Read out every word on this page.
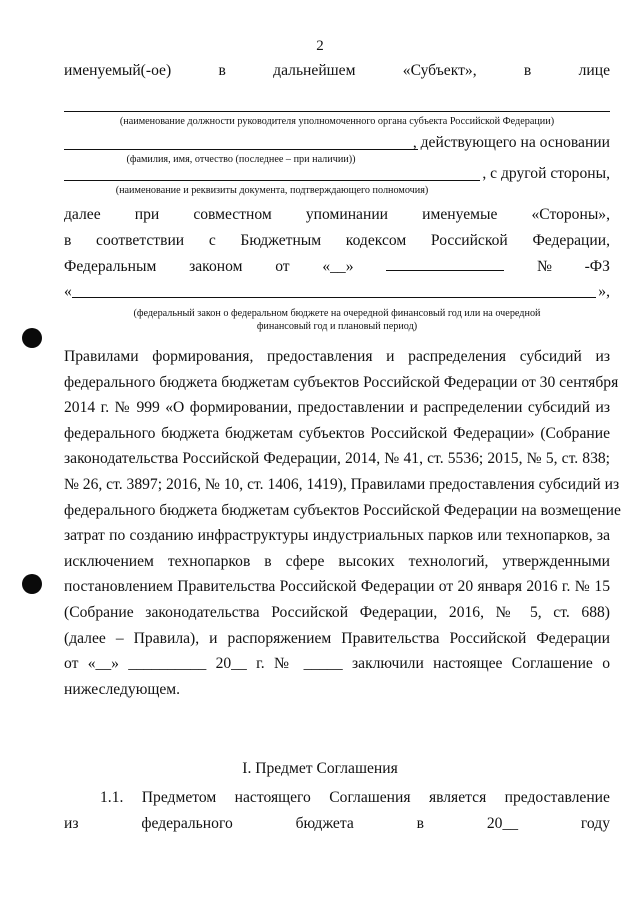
2
именуемый(-ое)	в	дальнейшем	«Субъект»,	в	лице
(наименование должности руководителя уполномоченного органа субъекта Российской Федерации)
, действующего на основании
(фамилия, имя, отчество (последнее – при наличии))
, с другой стороны,
(наименование и реквизиты документа, подтверждающего полномочия)
далее при совместном упоминании именуемые «Стороны»,
в соответствии с Бюджетным кодексом Российской Федерации,
Федеральным законом от «__»	№ -ФЗ
«	»,
(федеральный закон о федеральном бюджете на очередной финансовый год или на очередной
финансовый год и плановый период)
Правилами формирования, предоставления и распределения субсидий из
федерального бюджета бюджетам субъектов Российской Федерации от 30 сентября
2014 г. № 999 «О формировании, предоставлении и распределении субсидий из
федерального бюджета бюджетам субъектов Российской Федерации» (Собрание
законодательства Российской Федерации, 2014, № 41, ст. 5536; 2015, № 5, ст. 838;
№ 26, ст. 3897; 2016, № 10, ст. 1406, 1419), Правилами предоставления субсидий из
федерального бюджета бюджетам субъектов Российской Федерации на возмещение
затрат по созданию инфраструктуры индустриальных парков или технопарков, за
исключением технопарков в сфере высоких технологий, утвержденными
постановлением Правительства Российской Федерации от 20 января 2016 г. № 15
(Собрание законодательства Российской Федерации, 2016, № 5, ст. 688)
(далее – Правила), и распоряжением Правительства Российской Федерации
от «__» __________ 20__ г. № _____ заключили настоящее Соглашение о
нижеследующем.
I. Предмет Соглашения
1.1. Предметом настоящего Соглашения является предоставление
из	федерального	бюджета	в	20__	году
